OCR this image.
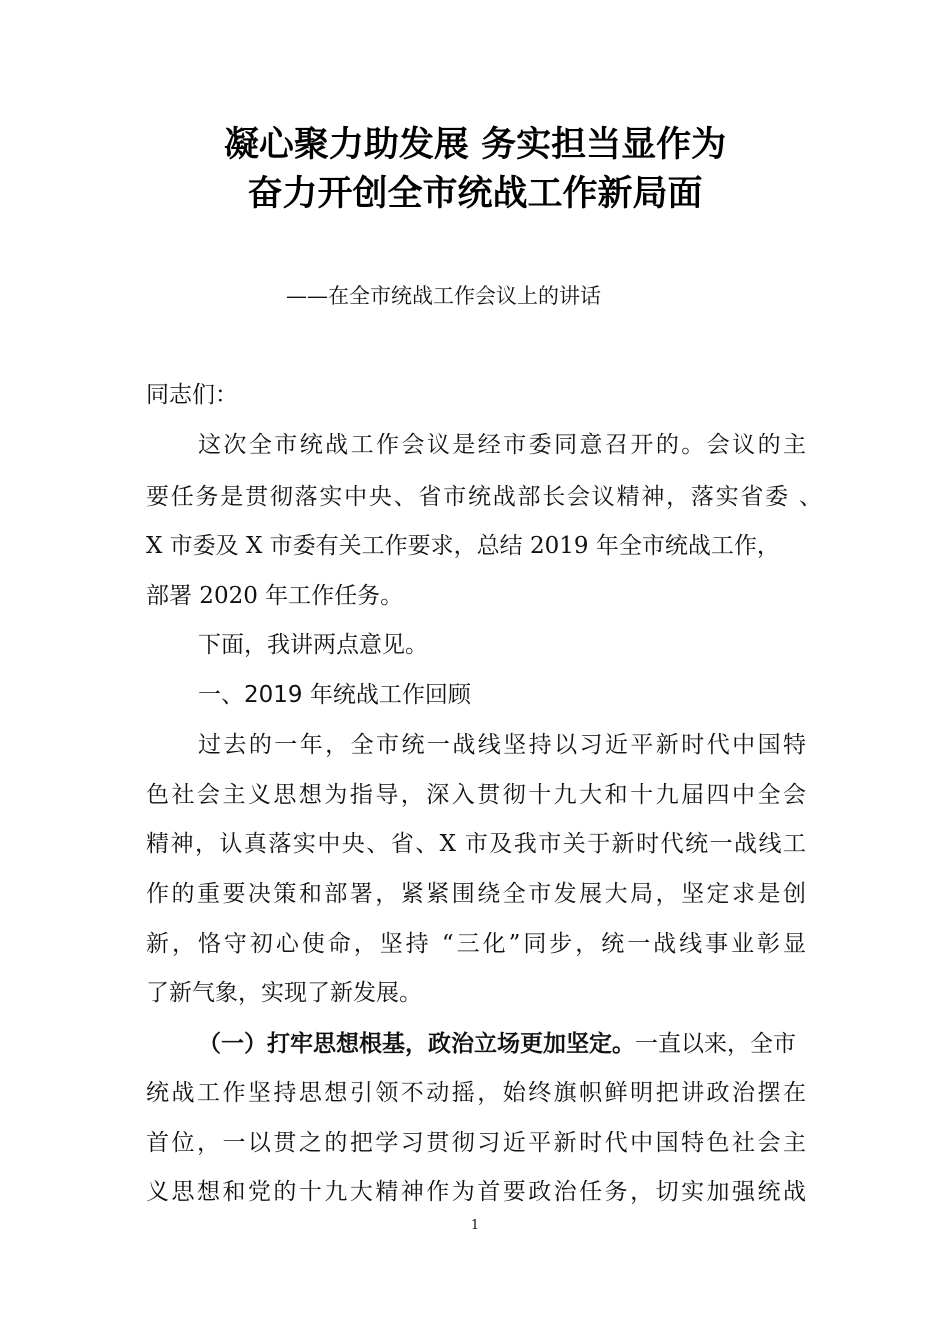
凝心聚力助发展 务实担当显作为
奋力开创全市统战工作新局面
——在全市统战工作会议上的讲话
同志们：
这次全市统战工作会议是经市委同意召开的。会议的主
要任务是贯彻落实中央、省市统战部长会议精神，落实省委 、
X 市委及 X 市委有关工作要求，总结 2019 年全市统战工作，
部署 2020 年工作任务。
下面，我讲两点意见。
一、2019 年统战工作回顾
过去的一年，全市统一战线坚持以习近平新时代中国特
色社会主义思想为指导，深入贯彻十九大和十九届四中全会
精神，认真落实中央、省、X 市及我市关于新时代统一战线工
作的重要决策和部署，紧紧围绕全市发展大局，坚定求是创
新，恪守初心使命，坚持 “三化”同步，统一战线事业彰显
了新气象，实现了新发展。
（一）打牢思想根基，政治立场更加坚定。一直以来，全市
统战工作坚持思想引领不动摇，始终旗帜鲜明把讲政治摆在
首位，一以贯之的把学习贯彻习近平新时代中国特色社会主
义思想和党的十九大精神作为首要政治任务，切实加强统战
1
